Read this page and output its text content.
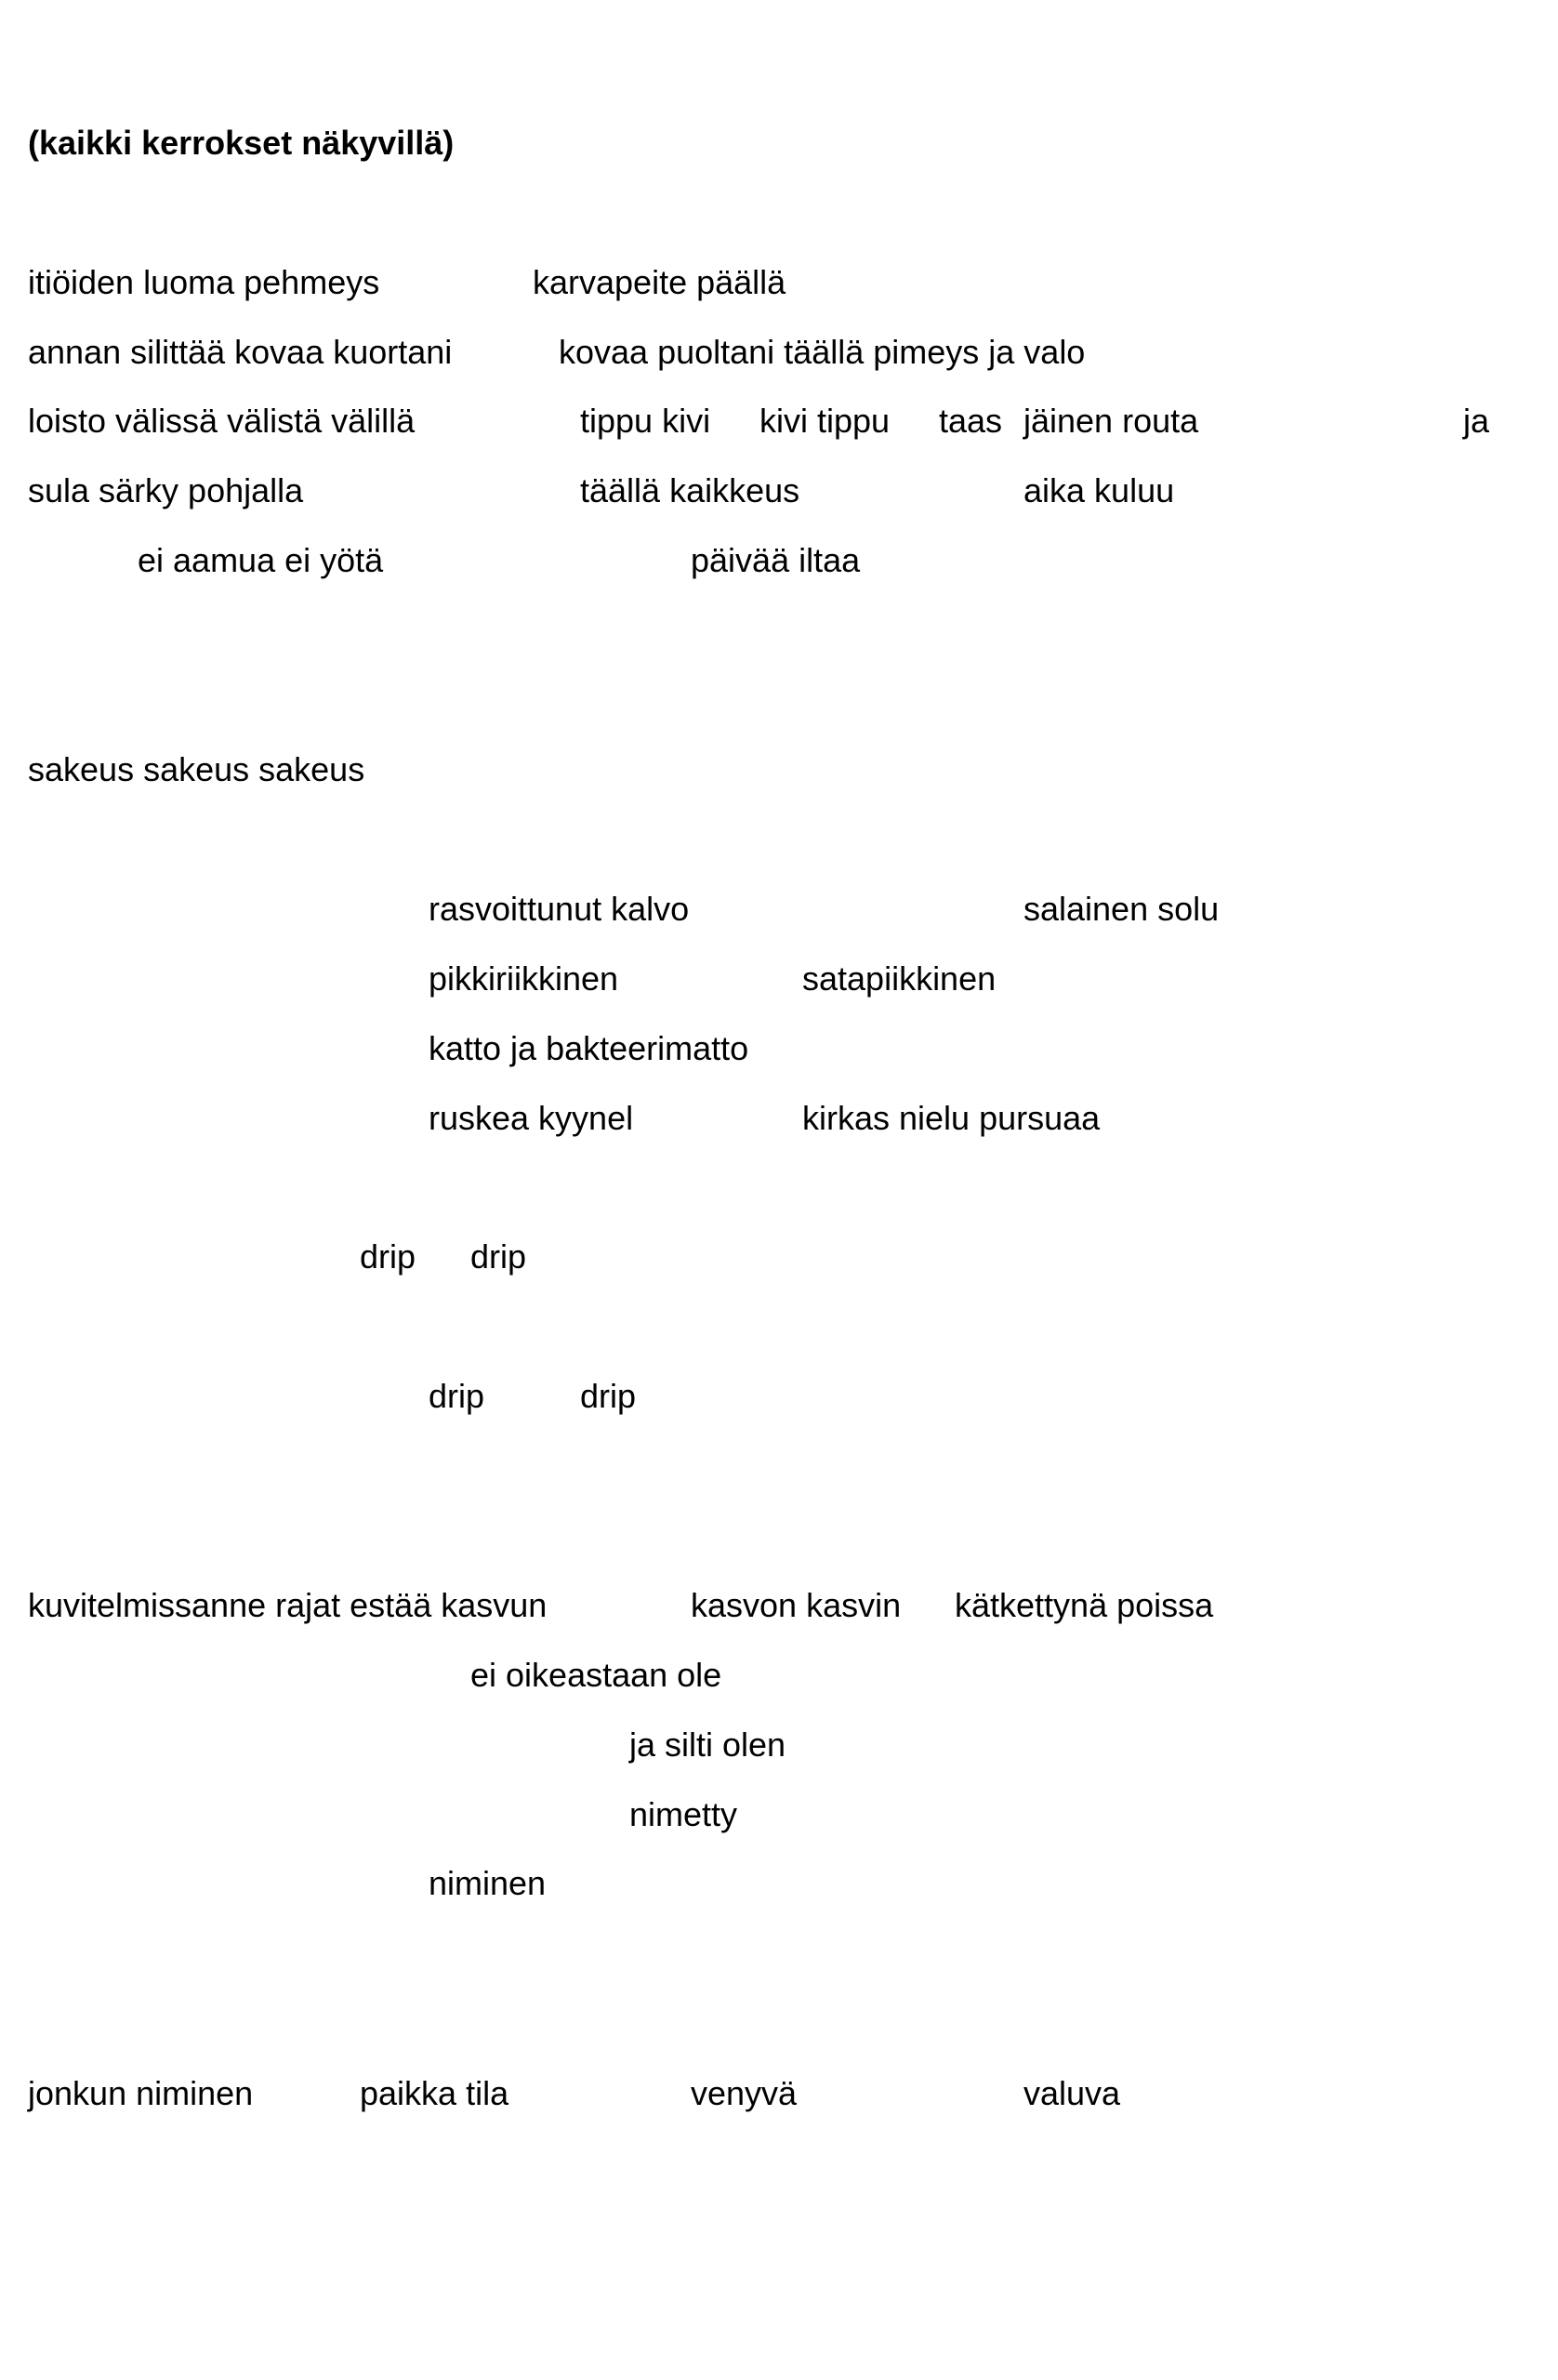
(kaikki kerrokset näkyvillä)
itiöiden luoma pehmeys	karvapeite päällä
annan silittää kovaa kuortani	kovaa puoltani täällä pimeys ja valo
loisto välissä välistä välillä	tippu kivi kivi tippu taas jäinen routa	ja
sula särky pohjalla	täällä kaikkeus	aika kuluu
ei aamua ei yötä	päivää iltaa
sakeus sakeus sakeus
rasvoittunut kalvo	salainen solu
pikkiriikkinen	satapiikkinen
katto ja bakteerimatto
ruskea kyynel	kirkas nielu pursuaa
drip drip
drip	drip
kuvitelmissanne rajat estää kasvun	kasvon kasvin kätkettynä poissa
ei oikeastaan ole
ja silti olen
nimetty
niminen
jonkun niminen	paikka tila	venyvä	valuva
